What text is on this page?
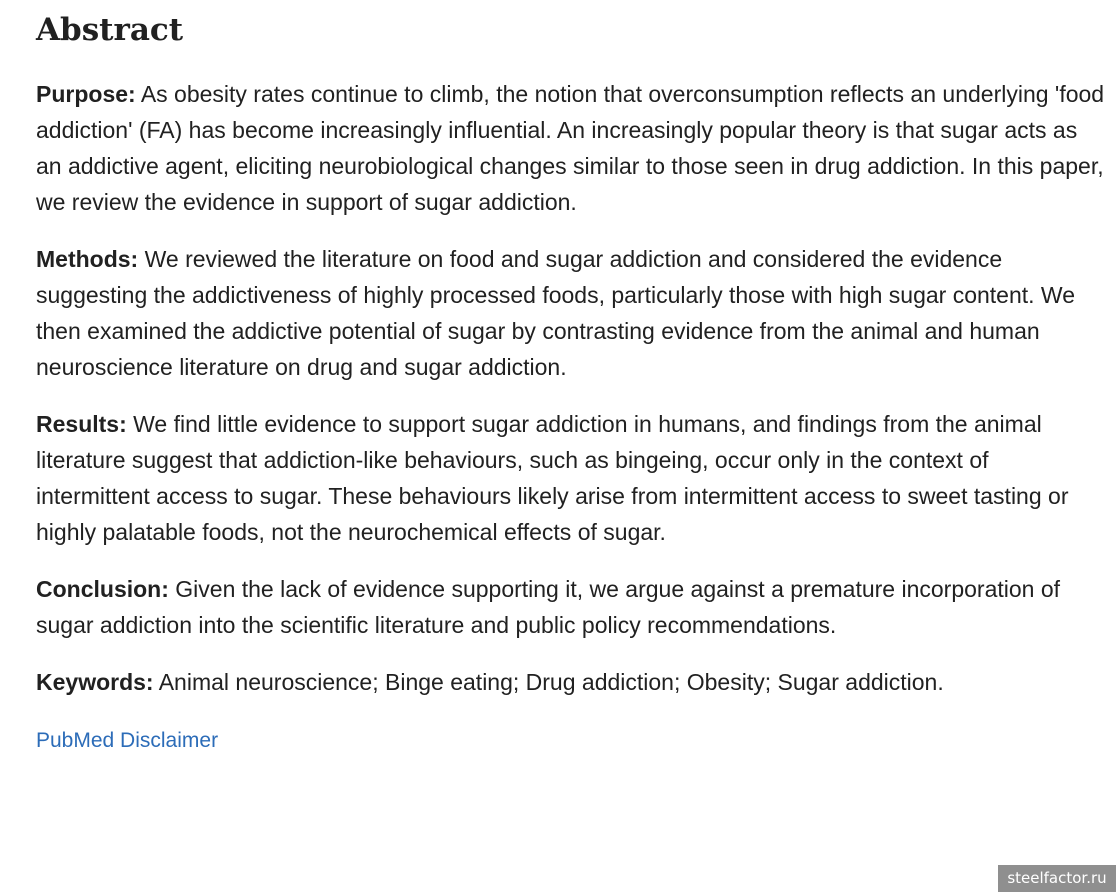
Abstract

Purpose: As obesity rates continue to climb, the notion that overconsumption reflects an underlying 'food addiction' (FA) has become increasingly influential. An increasingly popular theory is that sugar acts as an addictive agent, eliciting neurobiological changes similar to those seen in drug addiction. In this paper, we review the evidence in support of sugar addiction.

Methods: We reviewed the literature on food and sugar addiction and considered the evidence suggesting the addictiveness of highly processed foods, particularly those with high sugar content. We then examined the addictive potential of sugar by contrasting evidence from the animal and human neuroscience literature on drug and sugar addiction.

Results: We find little evidence to support sugar addiction in humans, and findings from the animal literature suggest that addiction-like behaviours, such as bingeing, occur only in the context of intermittent access to sugar. These behaviours likely arise from intermittent access to sweet tasting or highly palatable foods, not the neurochemical effects of sugar.

Conclusion: Given the lack of evidence supporting it, we argue against a premature incorporation of sugar addiction into the scientific literature and public policy recommendations.

Keywords: Animal neuroscience; Binge eating; Drug addiction; Obesity; Sugar addiction.

PubMed Disclaimer
steelfactor.ru
